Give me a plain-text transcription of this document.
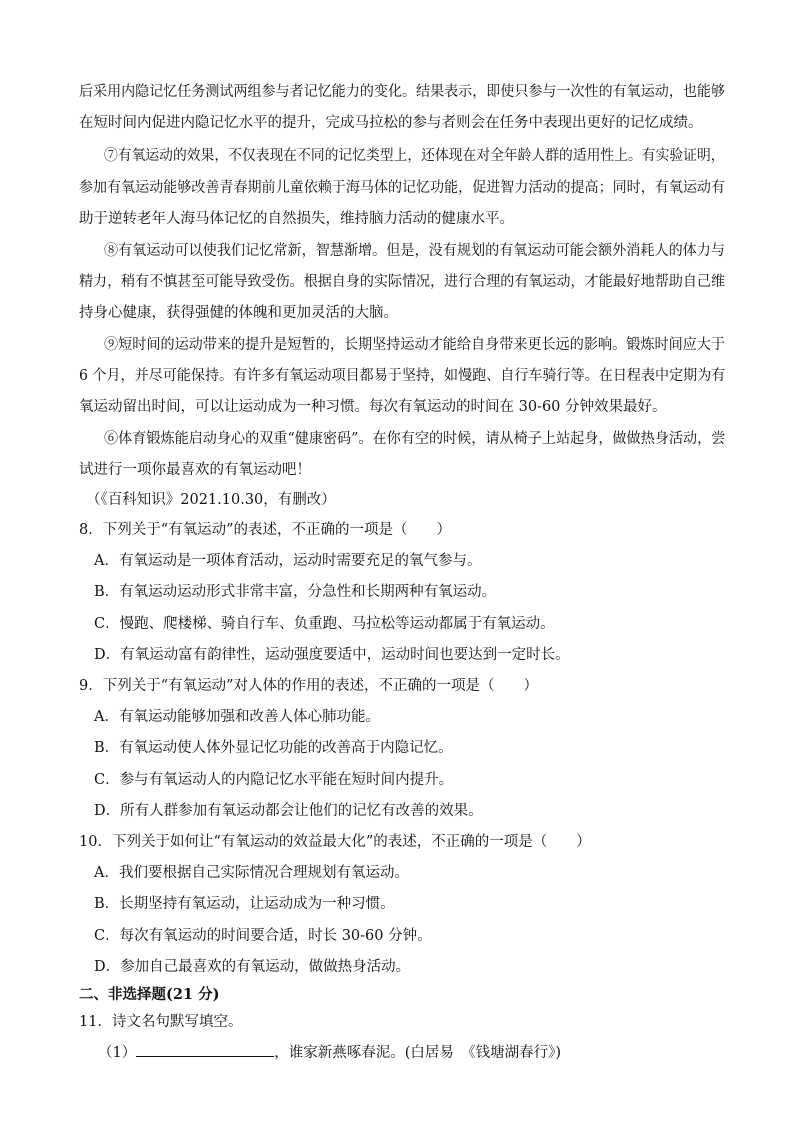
后采用内隐记忆任务测试两组参与者记忆能力的变化。结果表示，即使只参与一次性的有氧运动，也能够
在短时间内促进内隐记忆水平的提升，完成马拉松的参与者则会在任务中表现出更好的记忆成绩。
⑦有氧运动的效果，不仅表现在不同的记忆类型上，还体现在对全年龄人群的适用性上。有实验证明，
参加有氧运动能够改善青春期前儿童依赖于海马体的记忆功能，促进智力活动的提高；同时，有氧运动有
助于逆转老年人海马体记忆的自然损失，维持脑力活动的健康水平。
⑧有氧运动可以使我们记忆常新，智慧渐增。但是，没有规划的有氧运动可能会额外消耗人的体力与
精力，稍有不慎甚至可能导致受伤。根据自身的实际情况，进行合理的有氧运动，才能最好地帮助自己维
持身心健康，获得强健的体魄和更加灵活的大脑。
⑨短时间的运动带来的提升是短暂的，长期坚持运动才能给自身带来更长远的影响。锻炼时间应大于
6 个月，并尽可能保持。有许多有氧运动项目都易于坚持，如慢跑、自行车骑行等。在日程表中定期为有
氧运动留出时间，可以让运动成为一种习惯。每次有氧运动的时间在 30-60 分钟效果最好。
⑥体育锻炼能启动身心的双重“健康密码”。在你有空的时候，请从椅子上站起身，做做热身活动，尝
试进行一项你最喜欢的有氧运动吧！
（《百科知识》2021.10.30，有删改）
8．下列关于“有氧运动”的表述，不正确的一项是（　　）
A．有氧运动是一项体育活动，运动时需要充足的氧气参与。
B．有氧运动运动形式非常丰富，分急性和长期两种有氧运动。
C．慢跑、爬楼梯、骑自行车、负重跑、马拉松等运动都属于有氧运动。
D．有氧运动富有韵律性，运动强度要适中，运动时间也要达到一定时长。
9．下列关于“有氧运动”对人体的作用的表述，不正确的一项是（　　）
A．有氧运动能够加强和改善人体心肺功能。
B．有氧运动使人体外显记忆功能的改善高于内隐记忆。
C．参与有氧运动人的内隐记忆水平能在短时间内提升。
D．所有人群参加有氧运动都会让他们的记忆有改善的效果。
10．下列关于如何让“有氧运动的效益最大化”的表述，不正确的一项是（　　）
A．我们要根据自己实际情况合理规划有氧运动。
B．长期坚持有氧运动，让运动成为一种习惯。
C．每次有氧运动的时间要合适，时长 30-60 分钟。
D．参加自己最喜欢的有氧运动，做做热身活动。
二、非选择题(21 分)
11．诗文名句默写填空。
（1）	，谁家新燕啄春泥。(白居易　《钱塘湖春行》)
